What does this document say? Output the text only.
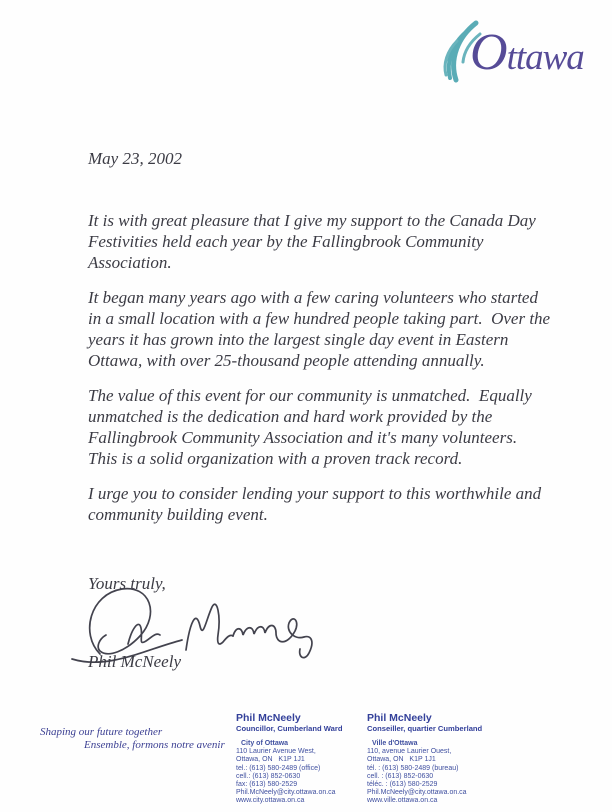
Ottawa
May 23, 2002

It is with great pleasure that I give my support to the Canada Day Festivities held each year by the Fallingbrook Community Association.

It began many years ago with a few caring volunteers who started in a small location with a few hundred people taking part.  Over the years it has grown into the largest single day event in Eastern Ottawa, with over 25-thousand people attending annually.

The value of this event for our community is unmatched.  Equally unmatched is the dedication and hard work provided by the Fallingbrook Community Association and it's many volunteers.  This is a solid organization with a proven track record.

I urge you to consider lending your support to this worthwhile and community building event.

Yours truly,
Phil McNeely
Shaping our future together
Ensemble, formons notre avenir
Phil McNeely
Councillor, Cumberland Ward
City of Ottawa
110 Laurier Avenue West,
Ottawa, ON   K1P 1J1
tel.: (613) 580-2489 (office)
cell.: (613) 852-0630
fax: (613) 580-2529
Phil.McNeely@city.ottawa.on.ca
www.city.ottawa.on.ca
Phil McNeely
Conseiller, quartier Cumberland
Ville d'Ottawa
110, avenue Laurier Ouest,
Ottawa, ON   K1P 1J1
tél. : (613) 580-2489 (bureau)
cell. : (613) 852-0630
téléc. : (613) 580-2529
Phil.McNeely@city.ottawa.on.ca
www.ville.ottawa.on.ca
